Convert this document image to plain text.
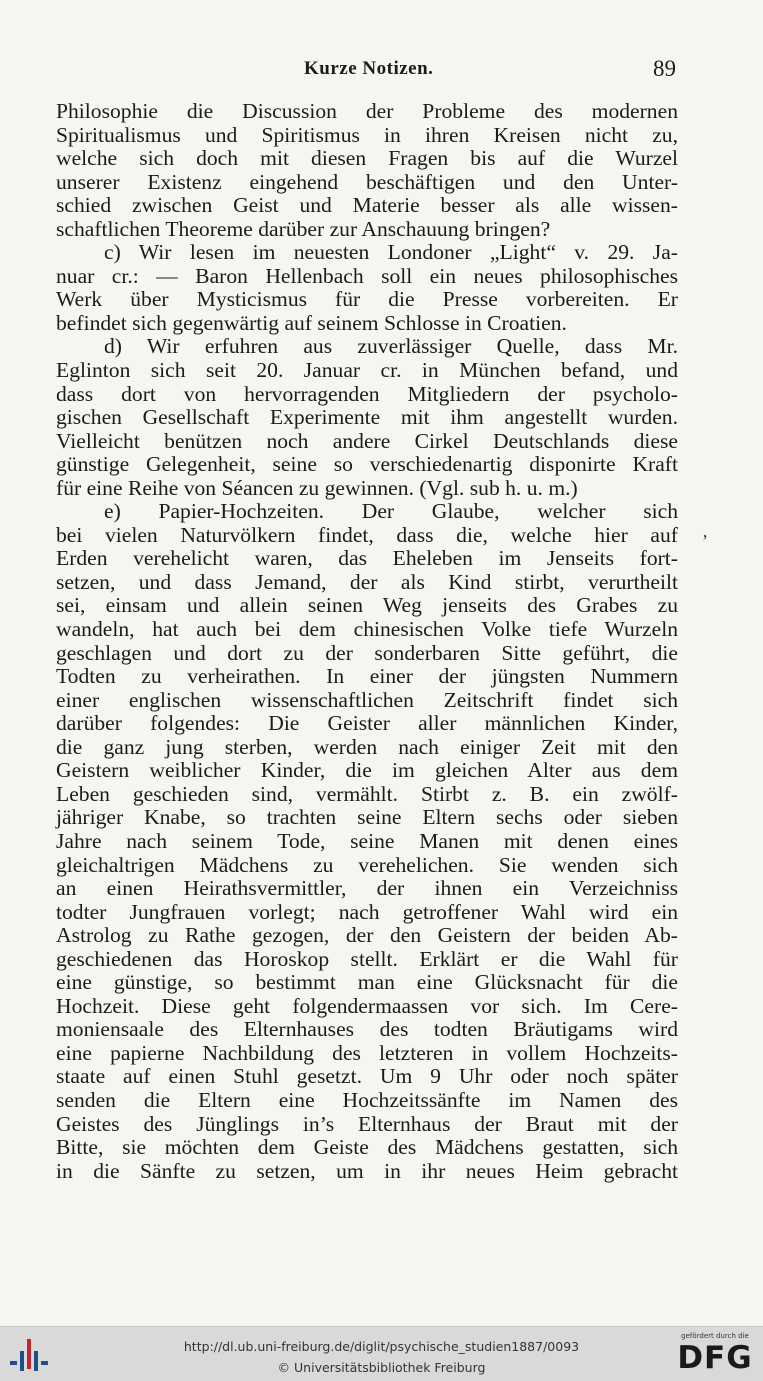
Kurze Notizen.	89
Philosophie die Discussion der Probleme des modernen
Spiritualismus und Spiritismus in ihren Kreisen nicht zu,
welche sich doch mit diesen Fragen bis auf die Wurzel
unserer Existenz eingehend beschäftigen und den Unter-
schied zwischen Geist und Materie besser als alle wissen-
schaftlichen Theoreme darüber zur Anschauung bringen?
c) Wir lesen im neuesten Londoner „Light“ v. 29. Ja-
nuar cr.: — Baron Hellenbach soll ein neues philosophisches
Werk über Mysticismus für die Presse vorbereiten. Er
befindet sich gegenwärtig auf seinem Schlosse in Croatien.
d) Wir erfuhren aus zuverlässiger Quelle, dass Mr.
Eglinton sich seit 20. Januar cr. in München befand, und
dass dort von hervorragenden Mitgliedern der psycholo-
gischen Gesellschaft Experimente mit ihm angestellt wurden.
Vielleicht benützen noch andere Cirkel Deutschlands diese
günstige Gelegenheit, seine so verschiedenartig disponirte Kraft
für eine Reihe von Séancen zu gewinnen. (Vgl. sub h. u. m.)
e) Papier-Hochzeiten. Der Glaube, welcher sich
bei vielen Naturvölkern findet, dass die, welche hier auf
Erden verehelicht waren, das Eheleben im Jenseits fort-
setzen, und dass Jemand, der als Kind stirbt, verurtheilt
sei, einsam und allein seinen Weg jenseits des Grabes zu
wandeln, hat auch bei dem chinesischen Volke tiefe Wurzeln
geschlagen und dort zu der sonderbaren Sitte geführt, die
Todten zu verheirathen. In einer der jüngsten Nummern
einer englischen wissenschaftlichen Zeitschrift findet sich
darüber folgendes: Die Geister aller männlichen Kinder,
die ganz jung sterben, werden nach einiger Zeit mit den
Geistern weiblicher Kinder, die im gleichen Alter aus dem
Leben geschieden sind, vermählt. Stirbt z. B. ein zwölf-
jähriger Knabe, so trachten seine Eltern sechs oder sieben
Jahre nach seinem Tode, seine Manen mit denen eines
gleichaltrigen Mädchens zu verehelichen. Sie wenden sich
an einen Heirathsvermittler, der ihnen ein Verzeichniss
todter Jungfrauen vorlegt; nach getroffener Wahl wird ein
Astrolog zu Rathe gezogen, der den Geistern der beiden Ab-
geschiedenen das Horoskop stellt. Erklärt er die Wahl für
eine günstige, so bestimmt man eine Glücksnacht für die
Hochzeit. Diese geht folgendermaassen vor sich. Im Cere-
moniensaale des Elternhauses des todten Bräutigams wird
eine papierne Nachbildung des letzteren in vollem Hochzeits-
staate auf einen Stuhl gesetzt. Um 9 Uhr oder noch später
senden die Eltern eine Hochzeitssänfte im Namen des
Geistes des Jünglings in’s Elternhaus der Braut mit der
Bitte, sie möchten dem Geiste des Mädchens gestatten, sich
in die Sänfte zu setzen, um in ihr neues Heim gebracht
ʼ
http://dl.ub.uni-freiburg.de/diglit/psychische_studien1887/0093
© Universitätsbibliothek Freiburg
gefördert durch die
DFG
